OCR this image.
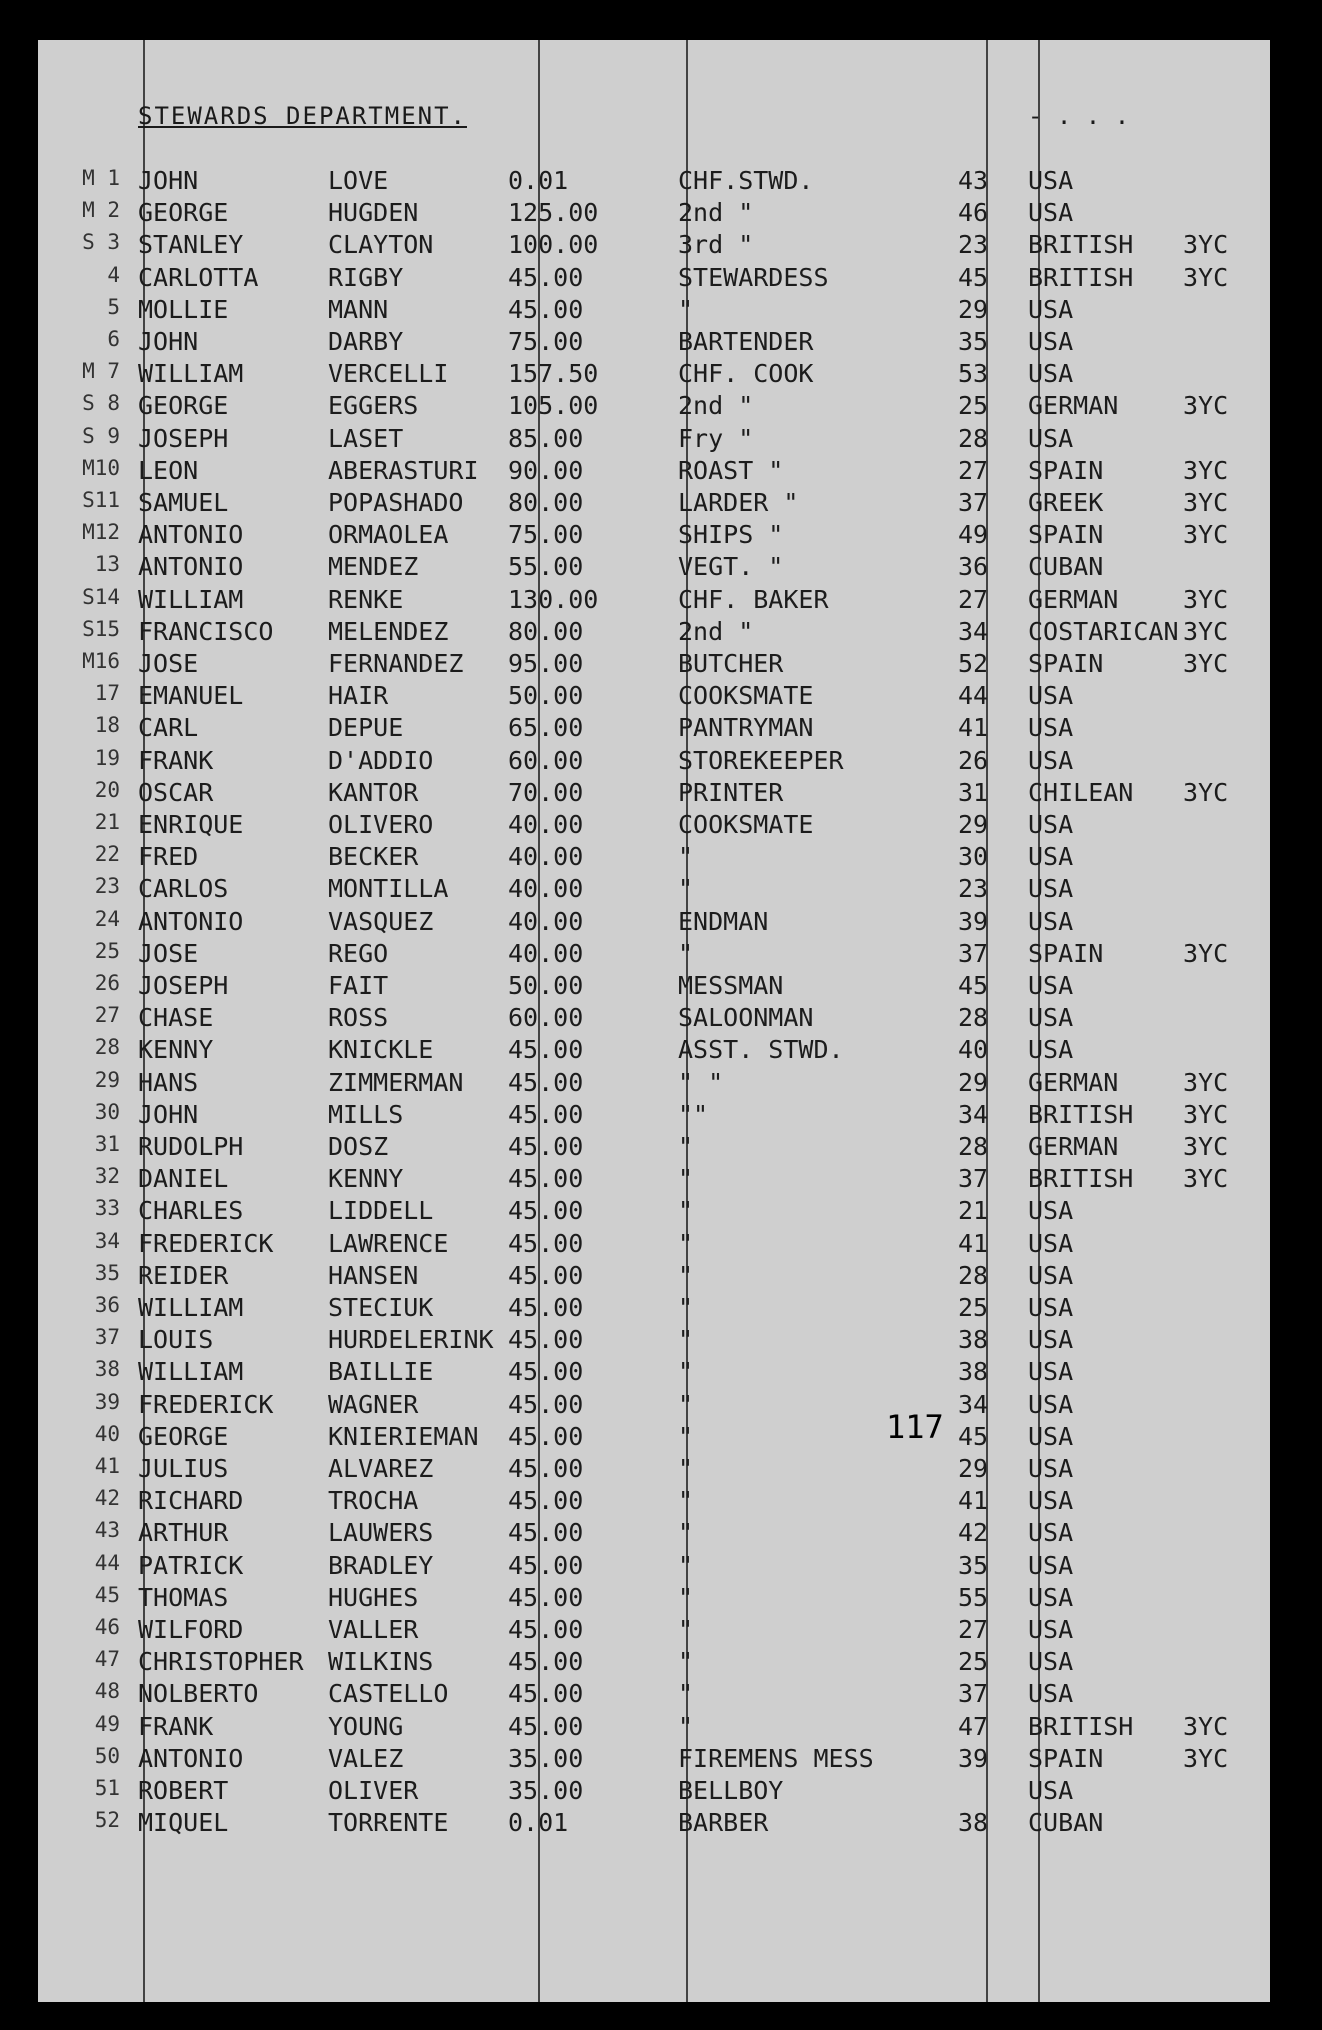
STEWARDS DEPARTMENT.	- . . .
M 1 JOHN	LOVE	0.01	CHF.STWD.	43 USA
M 2 GEORGE	HUGDEN	125.00	2nd "	46 USA
S 3 STANLEY	CLAYTON	100.00	3rd "	23 BRITISH 3YC
4 CARLOTTA	RIGBY	45.00	STEWARDESS	45 BRITISH 3YC
5 MOLLIE	MANN	45.00	"	29 USA
6 JOHN	DARBY	75.00	BARTENDER	35 USA
M 7 WILLIAM	VERCELLI 157.50	CHF. COOK	53 USA
S 8 GEORGE	EGGERS	105.00	2nd "	25 GERMAN	3YC
S 9 JOSEPH	LASET	85.00	Fry "	28 USA
M10 LEON	ABERASTURI 90.00	ROAST "	27 SPAIN	3YC
S11 SAMUEL	POPASHADO 80.00	LARDER "	37 GREEK	3YC
M12 ANTONIO	ORMAOLEA 75.00	SHIPS "	49 SPAIN	3YC
13 ANTONIO	MENDEZ	55.00	VEGT. "	36 CUBAN
S14 WILLIAM	RENKE	130.00	CHF. BAKER	27 GERMAN	3YC
S15 FRANCISCO MELENDEZ 80.00	2nd "	34 COSTARICAN 3YC
M16 JOSE	FERNANDEZ 95.00	BUTCHER	52 SPAIN	3YC
17 EMANUEL	HAIR	50.00	COOKSMATE	44 USA
18 CARL	DEPUE	65.00	PANTRYMAN	41 USA
19 FRANK	D'ADDIO	60.00	STOREKEEPER	26 USA
20 OSCAR	KANTOR	70.00	PRINTER	31 CHILEAN 3YC
21 ENRIQUE	OLIVERO	40.00	COOKSMATE	29 USA
22 FRED	BECKER	40.00	"	30 USA
23 CARLOS	MONTILLA 40.00	"	23 USA
24 ANTONIO	VASQUEZ	40.00	ENDMAN	39 USA
25 JOSE	REGO	40.00	"	37 SPAIN	3YC
26 JOSEPH	FAIT	50.00	MESSMAN	45 USA
27 CHASE	ROSS	60.00	SALOONMAN	28 USA
28 KENNY	KNICKLE	45.00	ASST. STWD.	40 USA
29 HANS	ZIMMERMAN 45.00	" "	29 GERMAN	3YC
30 JOHN	MILLS	45.00	""	34 BRITISH 3YC
31 RUDOLPH	DOSZ	45.00	"	28 GERMAN	3YC
32 DANIEL	KENNY	45.00	"	37 BRITISH 3YC
33 CHARLES	LIDDELL	45.00	"	21 USA
34 FREDERICK LAWRENCE 45.00	"	41 USA
35 REIDER	HANSEN	45.00	"	28 USA
36 WILLIAM	STECIUK	45.00	"	25 USA
37 LOUIS	HURDELERINK 45.00	"	38 USA
38 WILLIAM	BAILLIE	45.00	"	38 USA
39 FREDERICK WAGNER	45.00	"	34 USA
40 GEORGE	KNIERIEMAN 45.00	"	45 USA
41 JULIUS	ALVAREZ	45.00	"	29 USA
42 RICHARD	TROCHA	45.00	"	41 USA
43 ARTHUR	LAUWERS	45.00	"	42 USA
44 PATRICK	BRADLEY	45.00	"	35 USA
45 THOMAS	HUGHES	45.00	"	55 USA
46 WILFORD	VALLER	45.00	"	27 USA
47 CHRISTOPHER WILKINS	45.00	"	25 USA
48 NOLBERTO	CASTELLO 45.00	"	37 USA
49 FRANK	YOUNG	45.00	"	47 BRITISH 3YC
50 ANTONIO	VALEZ	35.00	FIREMENS MESS	39 SPAIN	3YC
51 ROBERT	OLIVER	35.00	BELLBOY	USA
52 MIQUEL	TORRENTE 0.01	BARBER	38 CUBAN
117
